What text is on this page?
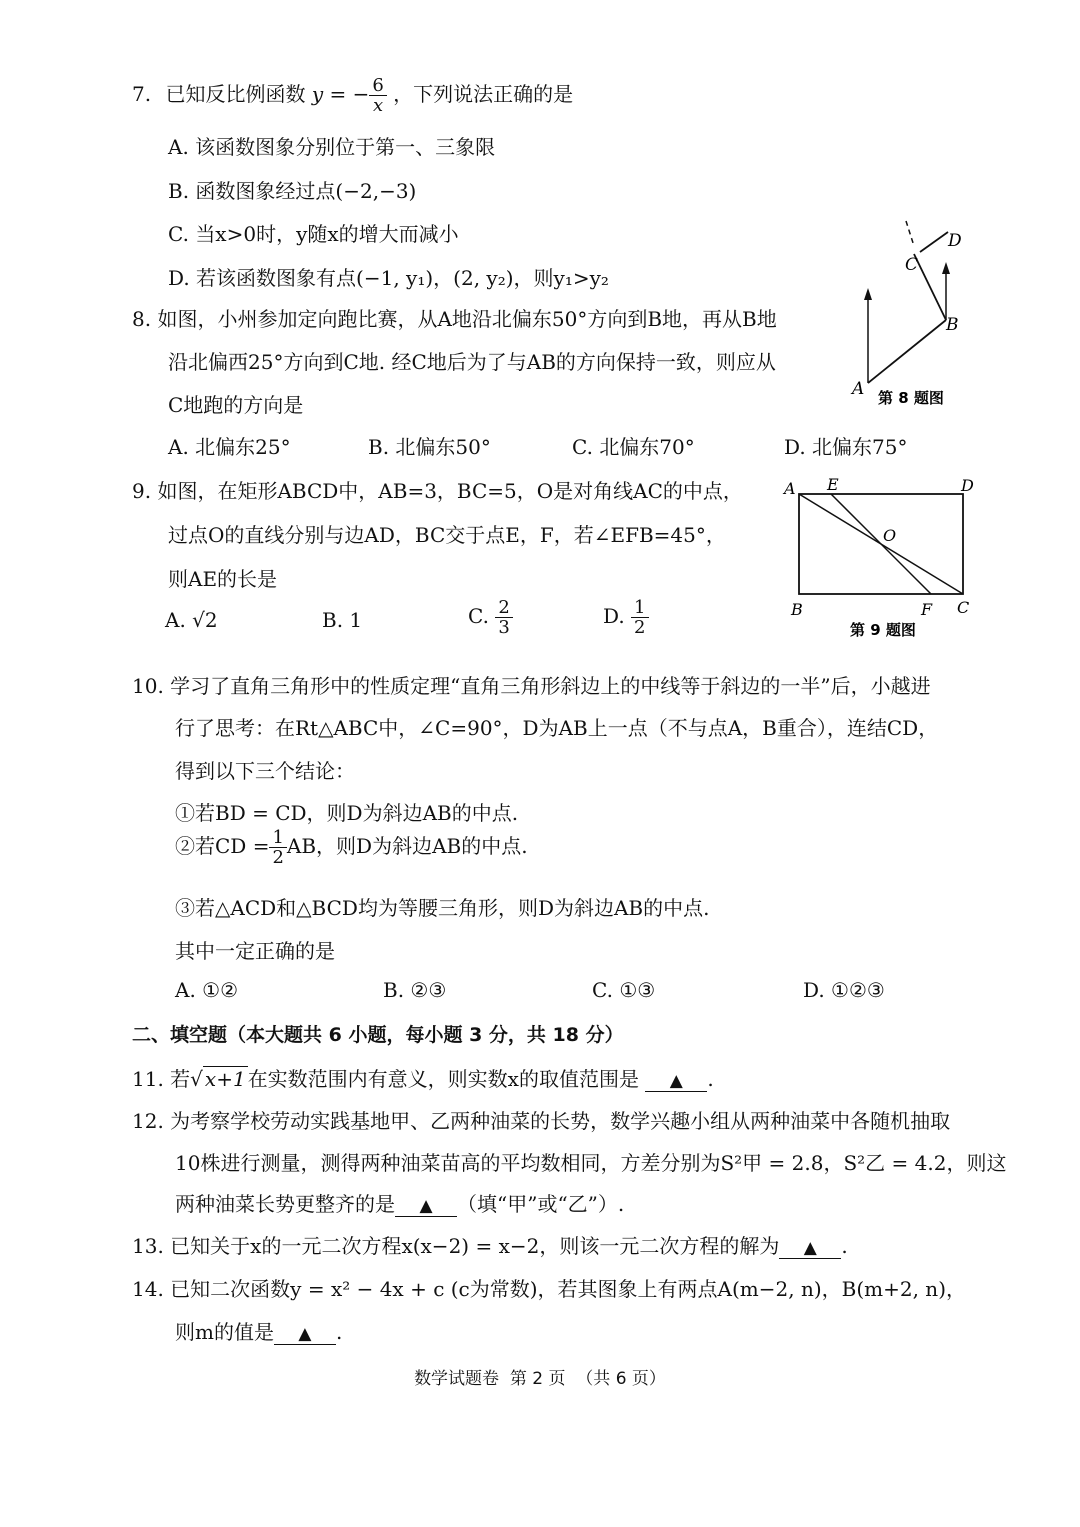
7. 已知反比例函数 y = − $\frac{6}{x}$ ，下列说法正确的是
A. 该函数图象分别位于第一、三象限
B. 函数图象经过点(−2,−3)
C. 当x>0时，y随x的增大而减小
D. 若该函数图象有点(−1, y₁)，(2, y₂)，则y₁>y₂
8. 如图，小州参加定向跑比赛，从A地沿北偏东50°方向到B地，再从B地
沿北偏西25°方向到C地. 经C地后为了与AB的方向保持一致，则应从
C地跑的方向是
A. 北偏东25°	B. 北偏东50°	C. 北偏东70°	D. 北偏东75°
A
B
C
D
第 8 题图
9. 如图，在矩形ABCD中，AB=3，BC=5，O是对角线AC的中点，
过点O的直线分别与边AD，BC交于点E，F，若∠EFB=45°，
则AE的长是
A. √2	B. 1	C. $\frac{2}{3}$	D. $\frac{1}{2}$
A E	D
O
B	F C
第 9 题图
10. 学习了直角三角形中的性质定理“直角三角形斜边上的中线等于斜边的一半”后，小越进
行了思考：在Rt△ABC中，∠C=90°，D为AB上一点（不与点A，B重合），连结CD，
得到以下三个结论：
①若BD = CD，则D为斜边AB的中点.
②若CD = $\frac{1}{2}$ AB，则D为斜边AB的中点.
③若△ACD和△BCD均为等腰三角形，则D为斜边AB的中点.
其中一定正确的是
A. ①②	B. ②③	C. ①③	D. ①②③
二、填空题（本大题共 6 小题，每小题 3 分，共 18 分）
11. 若√ x+1 在实数范围内有意义，则实数x的取值范围是 ▲ .
12. 为考察学校劳动实践基地甲、乙两种油菜的长势，数学兴趣小组从两种油菜中各随机抽取
10株进行测量，测得两种油菜苗高的平均数相同，方差分别为S²甲 = 2.8，S²乙 = 4.2，则这
两种油菜长势更整齐的是 ▲ （填“甲”或“乙”）.
13. 已知关于x的一元二次方程x(x−2) = x−2，则该一元二次方程的解为 ▲ .
14. 已知二次函数y = x² − 4x + c (c为常数)，若其图象上有两点A(m−2, n)，B(m+2, n)，
则m的值是 ▲ .
数学试题卷  第 2 页  （共 6 页）
